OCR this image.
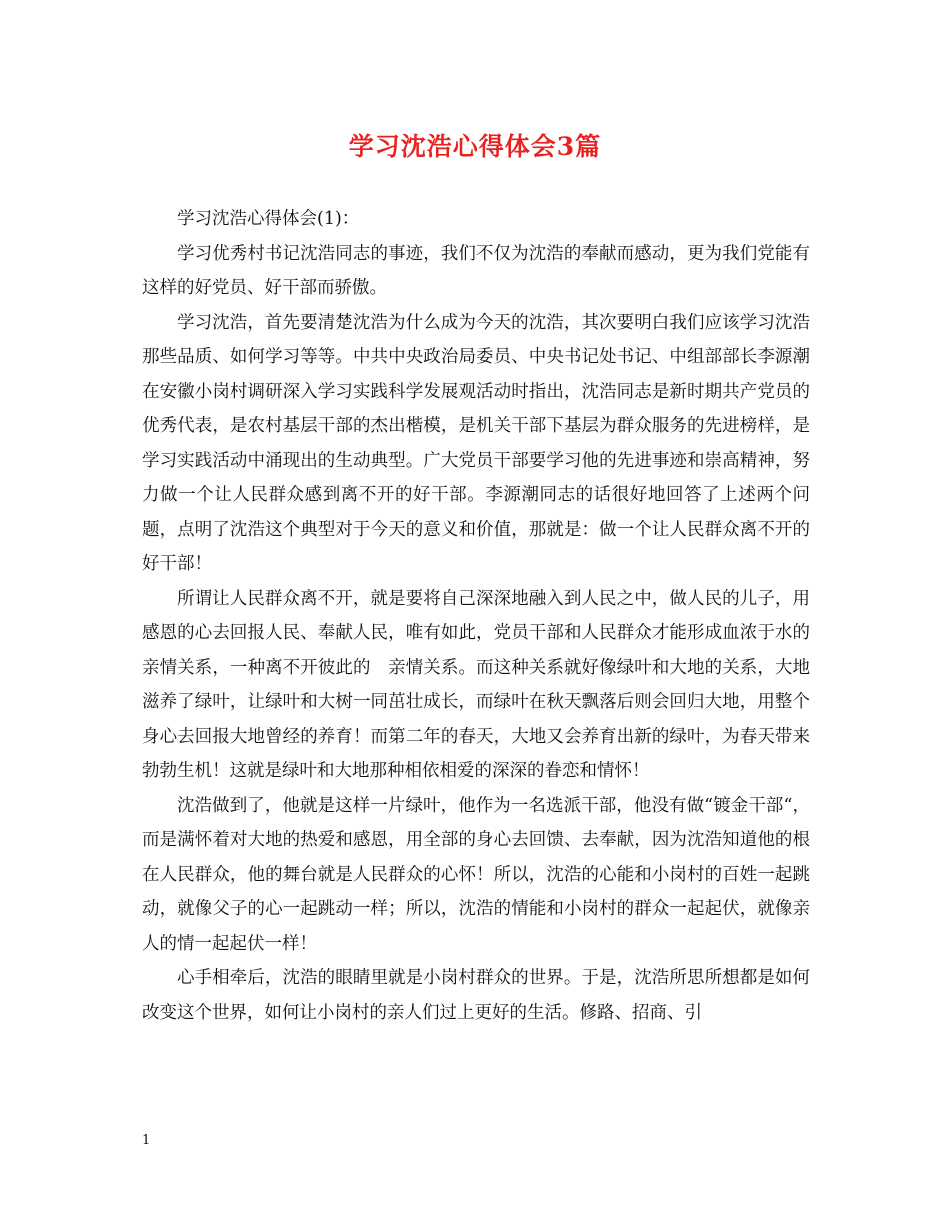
学习沈浩心得体会3篇

学习沈浩心得体会(1)：

学习优秀村书记沈浩同志的事迹，我们不仅为沈浩的奉献而感动，更为我们党能有这样的好党员、好干部而骄傲。

学习沈浩，首先要清楚沈浩为什么成为今天的沈浩，其次要明白我们应该学习沈浩那些品质、如何学习等等。中共中央政治局委员、中央书记处书记、中组部部长李源潮在安徽小岗村调研深入学习实践科学发展观活动时指出，沈浩同志是新时期共产党员的优秀代表，是农村基层干部的杰出楷模，是机关干部下基层为群众服务的先进榜样，是学习实践活动中涌现出的生动典型。广大党员干部要学习他的先进事迹和崇高精神，努力做一个让人民群众感到离不开的好干部。李源潮同志的话很好地回答了上述两个问题，点明了沈浩这个典型对于今天的意义和价值，那就是：做一个让人民群众离不开的好干部！

所谓让人民群众离不开，就是要将自己深深地融入到人民之中，做人民的儿子，用感恩的心去回报人民、奉献人民，唯有如此，党员干部和人民群众才能形成血浓于水的亲情关系，一种离不开彼此的　亲情关系。而这种关系就好像绿叶和大地的关系，大地滋养了绿叶，让绿叶和大树一同茁壮成长，而绿叶在秋天飘落后则会回归大地，用整个身心去回报大地曾经的养育！而第二年的春天，大地又会养育出新的绿叶，为春天带来勃勃生机！这就是绿叶和大地那种相依相爱的深深的眷恋和情怀！

沈浩做到了，他就是这样一片绿叶，他作为一名选派干部，他没有做“镀金干部“，而是满怀着对大地的热爱和感恩，用全部的身心去回馈、去奉献，因为沈浩知道他的根在人民群众，他的舞台就是人民群众的心怀！所以，沈浩的心能和小岗村的百姓一起跳动，就像父子的心一起跳动一样；所以，沈浩的情能和小岗村的群众一起起伏，就像亲人的情一起起伏一样！

心手相牵后，沈浩的眼睛里就是小岗村群众的世界。于是，沈浩所思所想都是如何改变这个世界，如何让小岗村的亲人们过上更好的生活。修路、招商、引

1
